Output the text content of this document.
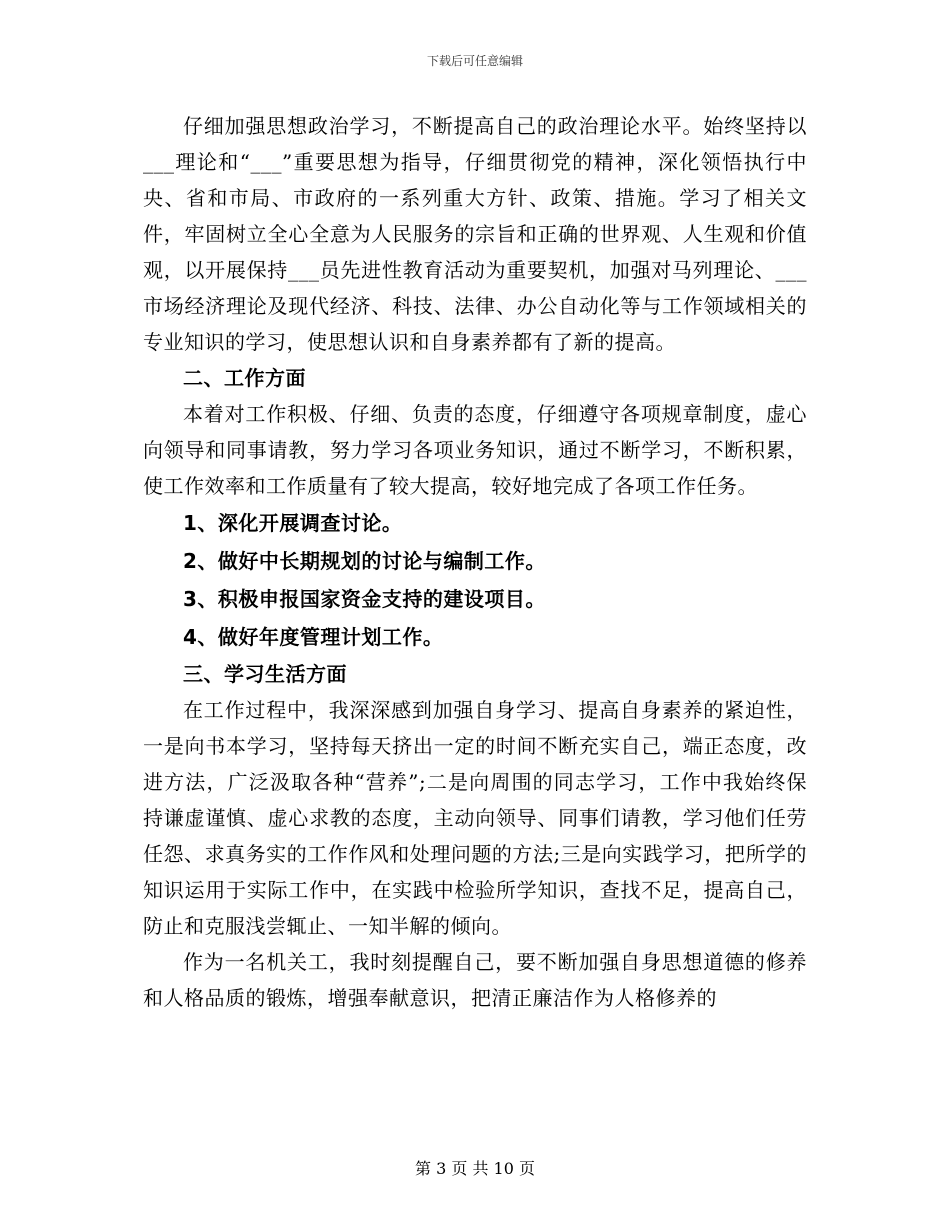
下载后可任意编辑

仔细加强思想政治学习，不断提高自己的政治理论水平。始终坚持以___理论和“___”重要思想为指导，仔细贯彻党的精神，深化领悟执行中央、省和市局、市政府的一系列重大方针、政策、措施。学习了相关文件，牢固树立全心全意为人民服务的宗旨和正确的世界观、人生观和价值观，以开展保持___员先进性教育活动为重要契机，加强对马列理论、___市场经济理论及现代经济、科技、法律、办公自动化等与工作领域相关的专业知识的学习，使思想认识和自身素养都有了新的提高。

二、工作方面

本着对工作积极、仔细、负责的态度，仔细遵守各项规章制度，虚心向领导和同事请教，努力学习各项业务知识，通过不断学习，不断积累，使工作效率和工作质量有了较大提高，较好地完成了各项工作任务。

1、深化开展调查讨论。

2、做好中长期规划的讨论与编制工作。

3、积极申报国家资金支持的建设项目。

4、做好年度管理计划工作。

三、学习生活方面

在工作过程中，我深深感到加强自身学习、提高自身素养的紧迫性，一是向书本学习，坚持每天挤出一定的时间不断充实自己，端正态度，改进方法，广泛汲取各种“营养”;二是向周围的同志学习，工作中我始终保持谦虚谨慎、虚心求教的态度，主动向领导、同事们请教，学习他们任劳任怨、求真务实的工作作风和处理问题的方法;三是向实践学习，把所学的知识运用于实际工作中，在实践中检验所学知识，查找不足，提高自己，防止和克服浅尝辄止、一知半解的倾向。

作为一名机关工，我时刻提醒自己，要不断加强自身思想道德的修养和人格品质的锻炼，增强奉献意识，把清正廉洁作为人格修养的

第 3 页 共 10 页
